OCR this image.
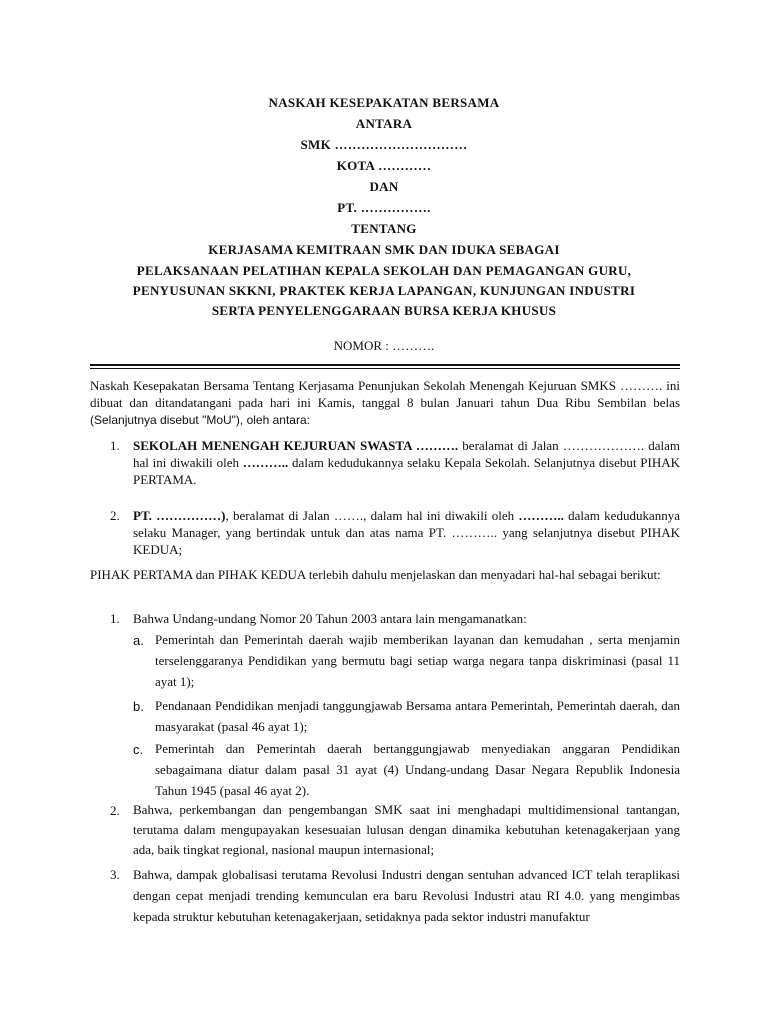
NASKAH KESEPAKATAN BERSAMA
ANTARA
SMK …………………………
KOTA …………
DAN
PT. …………….
TENTANG
KERJASAMA KEMITRAAN SMK DAN IDUKA SEBAGAI
PELAKSANAAN PELATIHAN KEPALA SEKOLAH DAN PEMAGANGAN GURU,
PENYUSUNAN SKKNI, PRAKTEK KERJA LAPANGAN, KUNJUNGAN INDUSTRI
SERTA PENYELENGGARAAN BURSA KERJA KHUSUS
NOMOR : ……….
Naskah Kesepakatan Bersama Tentang Kerjasama Penunjukan Sekolah Menengah Kejuruan SMKS ………. ini dibuat dan ditandatangani pada hari ini Kamis, tanggal 8 bulan Januari tahun Dua Ribu Sembilan belas (Selanjutnya disebut "MoU"), oleh antara:
1. SEKOLAH MENENGAH KEJURUAN SWASTA ………. beralamat di Jalan ………………. dalam hal ini diwakili oleh ……….. dalam kedudukannya selaku Kepala Sekolah. Selanjutnya disebut PIHAK PERTAMA.
2. PT. ……………), beralamat di Jalan ……., dalam hal ini diwakili oleh ……….. dalam kedudukannya selaku Manager, yang bertindak untuk dan atas nama PT. ……….. yang selanjutnya disebut PIHAK KEDUA;
PIHAK PERTAMA dan PIHAK KEDUA terlebih dahulu menjelaskan dan menyadari hal-hal sebagai berikut:
1. Bahwa Undang-undang Nomor 20 Tahun 2003 antara lain mengamanatkan:
a. Pemerintah dan Pemerintah daerah wajib memberikan layanan dan kemudahan , serta menjamin terselenggaranya Pendidikan yang bermutu bagi setiap warga negara tanpa diskriminasi (pasal 11 ayat 1);
b. Pendanaan Pendidikan menjadi tanggungjawab Bersama antara Pemerintah, Pemerintah daerah, dan masyarakat (pasal 46 ayat 1);
c. Pemerintah dan Pemerintah daerah bertanggungjawab menyediakan anggaran Pendidikan sebagaimana diatur dalam pasal 31 ayat (4) Undang-undang Dasar Negara Republik Indonesia Tahun 1945 (pasal 46 ayat 2).
2. Bahwa, perkembangan dan pengembangan SMK saat ini menghadapi multidimensional tantangan, terutama dalam mengupayakan kesesuaian lulusan dengan dinamika kebutuhan ketenagakerjaan yang ada, baik tingkat regional, nasional maupun internasional;
3. Bahwa, dampak globalisasi terutama Revolusi Industri dengan sentuhan advanced ICT telah teraplikasi dengan cepat menjadi trending kemunculan era baru Revolusi Industri atau RI 4.0. yang mengimbas kepada struktur kebutuhan ketenagakerjaan, setidaknya pada sektor industri manufaktur
